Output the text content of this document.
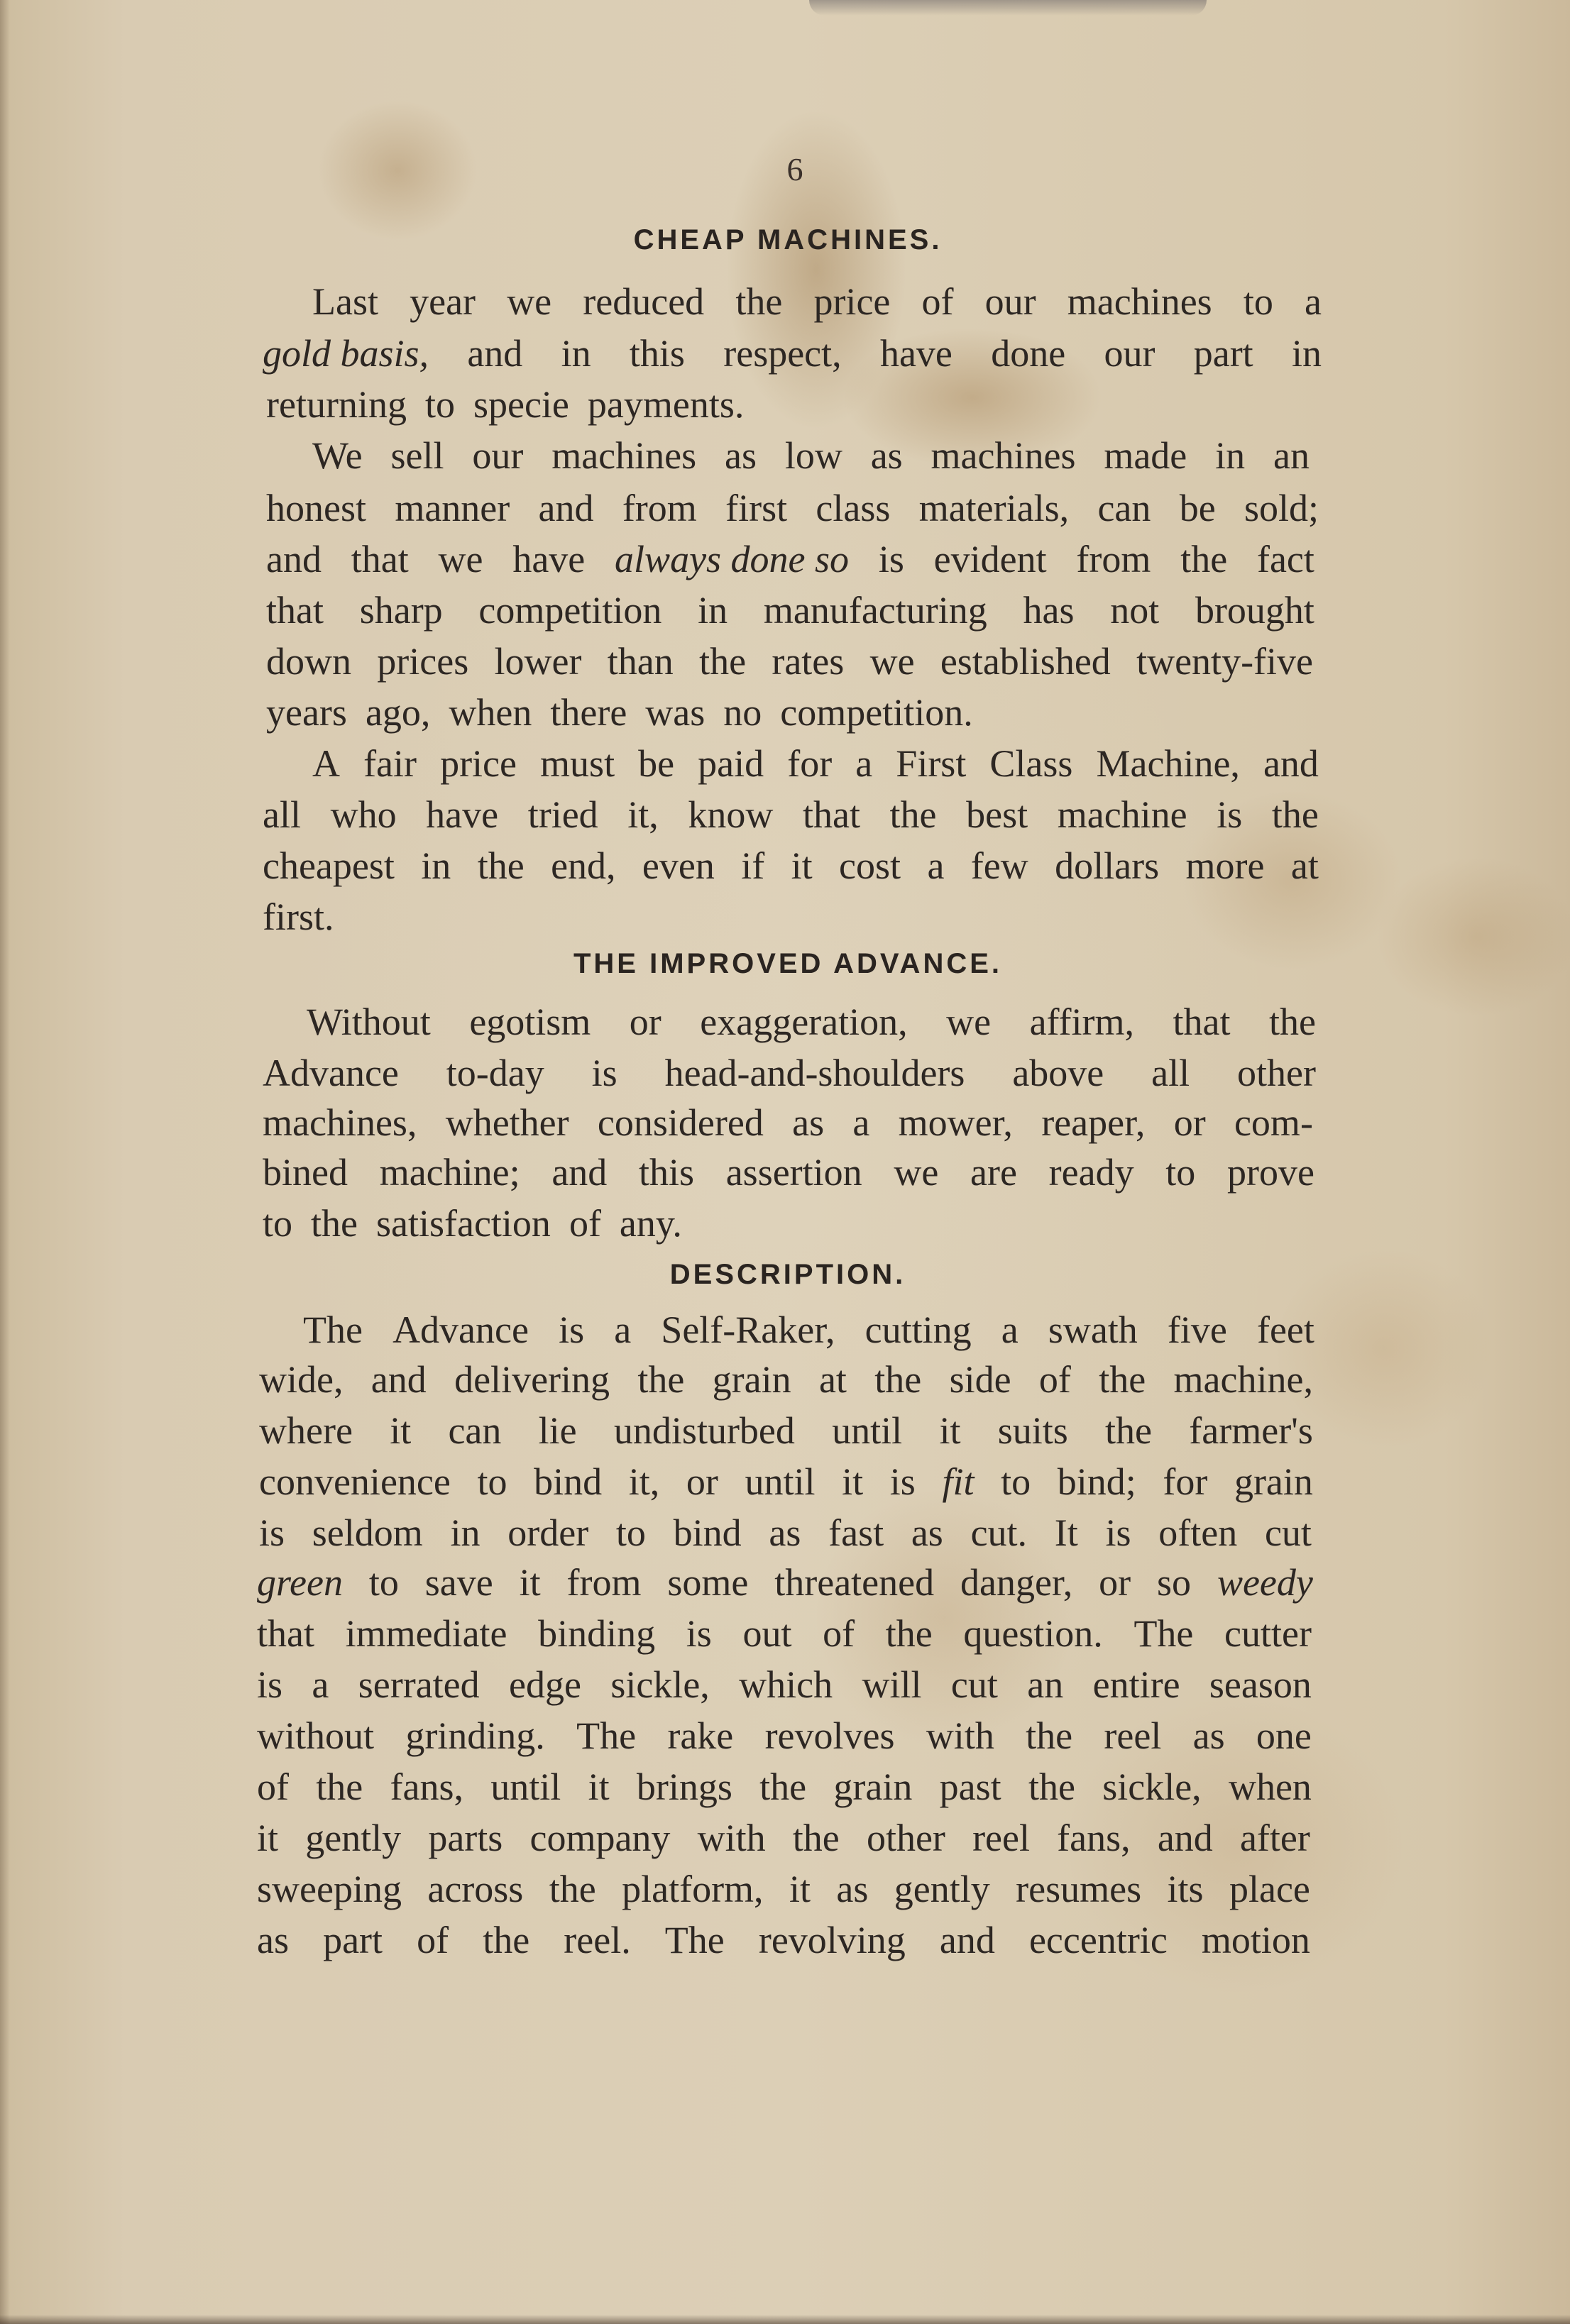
6
CHEAP MACHINES.
Last year we reduced the price of our machines to a
gold basis, and in this respect, have done our part in
returning to specie payments.
We sell our machines as low as machines made in an
honest manner and from first class materials, can be sold;
and that we have always done so is evident from the fact
that sharp competition in manufacturing has not brought
down prices lower than the rates we established twenty-five
years ago, when there was no competition.
A fair price must be paid for a First Class Machine, and
all who have tried it, know that the best machine is the
cheapest in the end, even if it cost a few dollars more at
first.
THE IMPROVED ADVANCE.
Without egotism or exaggeration, we affirm, that the
Advance to-day is head-and-shoulders above all other
machines, whether considered as a mower, reaper, or com-
bined machine; and this assertion we are ready to prove
to the satisfaction of any.
DESCRIPTION.
The Advance is a Self-Raker, cutting a swath five feet
wide, and delivering the grain at the side of the machine,
where it can lie undisturbed until it suits the farmer's
convenience to bind it, or until it is fit to bind; for grain
is seldom in order to bind as fast as cut. It is often cut
green to save it from some threatened danger, or so weedy
that immediate binding is out of the question. The cutter
is a serrated edge sickle, which will cut an entire season
without grinding. The rake revolves with the reel as one
of the fans, until it brings the grain past the sickle, when
it gently parts company with the other reel fans, and after
sweeping across the platform, it as gently resumes its place
as part of the reel. The revolving and eccentric motion
